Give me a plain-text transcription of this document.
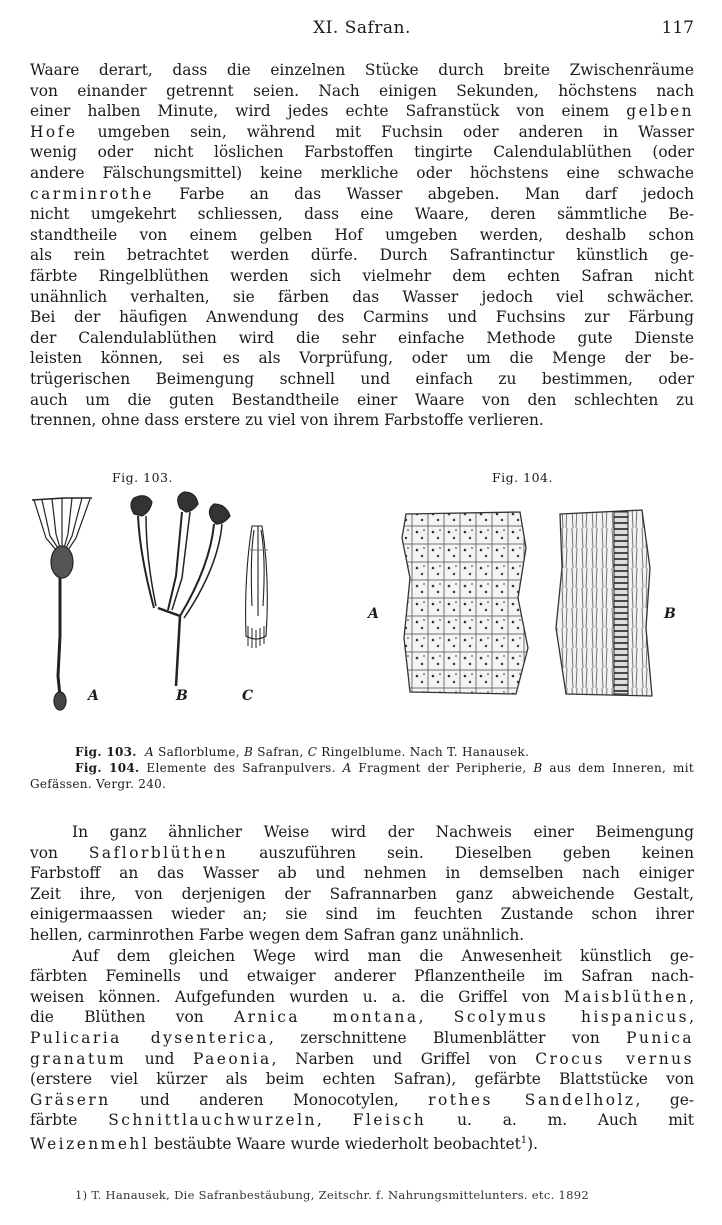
XI. Safran.	117

Waare derart, dass die einzelnen Stücke durch breite Zwischenräume

von einander getrennt seien. Nach einigen Sekunden, höchstens nach

einer halben Minute, wird jedes echte Safranstück von einem gelben

Hofe umgeben sein, während mit Fuchsin oder anderen in Wasser

wenig oder nicht löslichen Farbstoffen tingirte Calendulablüthen (oder

andere Fälschungsmittel) keine merkliche oder höchstens eine schwache

carminrothe Farbe an das Wasser abgeben. Man darf jedoch

nicht umgekehrt schliessen, dass eine Waare, deren sämmtliche Be-

standtheile von einem gelben Hof umgeben werden, deshalb schon

als rein betrachtet werden dürfe. Durch Safrantinctur künstlich ge-

färbte Ringelblüthen werden sich vielmehr dem echten Safran nicht

unähnlich verhalten, sie färben das Wasser jedoch viel schwächer.

Bei der häufigen Anwendung des Carmins und Fuchsins zur Färbung

der Calendulablüthen wird die sehr einfache Methode gute Dienste

leisten können, sei es als Vorprüfung, oder um die Menge der be-

trügerischen Beimengung schnell und einfach zu bestimmen, oder

auch um die guten Bestandtheile einer Waare von den schlechten zu

trennen, ohne dass erstere zu viel von ihrem Farbstoffe verlieren.

Fig. 103.	Fig. 104.
A	B	C
A	B

Fig. 103. A Saflorblume, B Safran, C Ringelblume. Nach T. Hanausek.

Fig. 104. Elemente des Safranpulvers. A Fragment der Peripherie, B aus dem Inneren, mit Gefässen. Vergr. 240.

In ganz ähnlicher Weise wird der Nachweis einer Beimengung

von Saflorblüthen auszuführen sein. Dieselben geben keinen

Farbstoff an das Wasser ab und nehmen in demselben nach einiger

Zeit ihre, von derjenigen der Safrannarben ganz abweichende Gestalt,

einigermaassen wieder an; sie sind im feuchten Zustande schon ihrer

hellen, carminrothen Farbe wegen dem Safran ganz unähnlich.

Auf dem gleichen Wege wird man die Anwesenheit künstlich ge-

färbten Feminells und etwaiger anderer Pflanzentheile im Safran nach-

weisen können. Aufgefunden wurden u. a. die Griffel von Maisblüthen,

die Blüthen von Arnica montana, Scolymus hispanicus,

Pulicaria dysenterica, zerschnittene Blumenblätter von Punica

granatum und Paeonia, Narben und Griffel von Crocus vernus

(erstere viel kürzer als beim echten Safran), gefärbte Blattstücke von

Gräsern und anderen Monocotylen, rothes Sandelholz, ge-

färbte Schnittlauchwurzeln, Fleisch u. a. m. Auch mit

Weizenmehl bestäubte Waare wurde wiederholt beobachtet$^1$).

1) T. Hanausek, Die Safranbestäubung, Zeitschr. f. Nahrungsmittelunters. etc. 1892
